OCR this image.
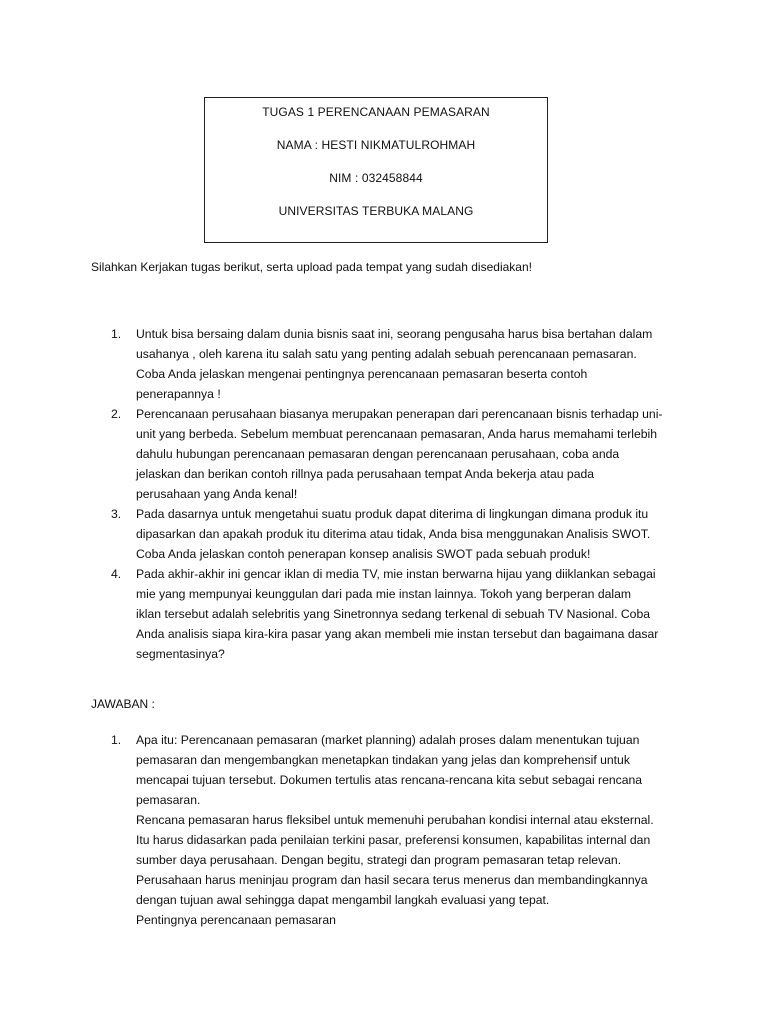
TUGAS 1 PERENCANAAN PEMASARAN
NAMA : HESTI NIKMATULROHMAH
NIM : 032458844
UNIVERSITAS TERBUKA MALANG
Silahkan Kerjakan tugas berikut, serta upload pada tempat yang sudah disediakan!
1. Untuk bisa bersaing dalam dunia bisnis saat ini, seorang pengusaha harus bisa bertahan dalam

usahanya , oleh karena itu salah satu yang penting adalah sebuah perencanaan pemasaran.

Coba Anda jelaskan mengenai pentingnya perencanaan pemasaran beserta contoh

penerapannya !

2. Perencanaan perusahaan biasanya merupakan penerapan dari perencanaan bisnis terhadap uni-

unit yang berbeda. Sebelum membuat perencanaan pemasaran, Anda harus memahami terlebih

dahulu hubungan perencanaan pemasaran dengan perencanaan perusahaan, coba anda

jelaskan dan berikan contoh rillnya pada perusahaan tempat Anda bekerja atau pada

perusahaan yang Anda kenal!

3. Pada dasarnya untuk mengetahui suatu produk dapat diterima di lingkungan dimana produk itu

dipasarkan dan apakah produk itu diterima atau tidak, Anda bisa menggunakan Analisis SWOT.

Coba Anda jelaskan contoh penerapan konsep analisis SWOT pada sebuah produk!

4. Pada akhir-akhir ini gencar iklan di media TV, mie instan berwarna hijau yang diiklankan sebagai

mie yang mempunyai keunggulan dari pada mie instan lainnya. Tokoh yang berperan dalam

iklan tersebut adalah selebritis yang Sinetronnya sedang terkenal di sebuah TV Nasional. Coba

Anda analisis siapa kira-kira pasar yang akan membeli mie instan tersebut dan bagaimana dasar

segmentasinya?

JAWABAN :
1. Apa itu: Perencanaan pemasaran (market planning) adalah proses dalam menentukan tujuan

pemasaran dan mengembangkan menetapkan tindakan yang jelas dan komprehensif untuk

mencapai tujuan tersebut. Dokumen tertulis atas rencana-rencana kita sebut sebagai rencana

pemasaran.

Rencana pemasaran harus fleksibel untuk memenuhi perubahan kondisi internal atau eksternal.

Itu harus didasarkan pada penilaian terkini pasar, preferensi konsumen, kapabilitas internal dan

sumber daya perusahaan. Dengan begitu, strategi dan program pemasaran tetap relevan.

Perusahaan harus meninjau program dan hasil secara terus menerus dan membandingkannya

dengan tujuan awal sehingga dapat mengambil langkah evaluasi yang tepat.

Pentingnya perencanaan pemasaran
